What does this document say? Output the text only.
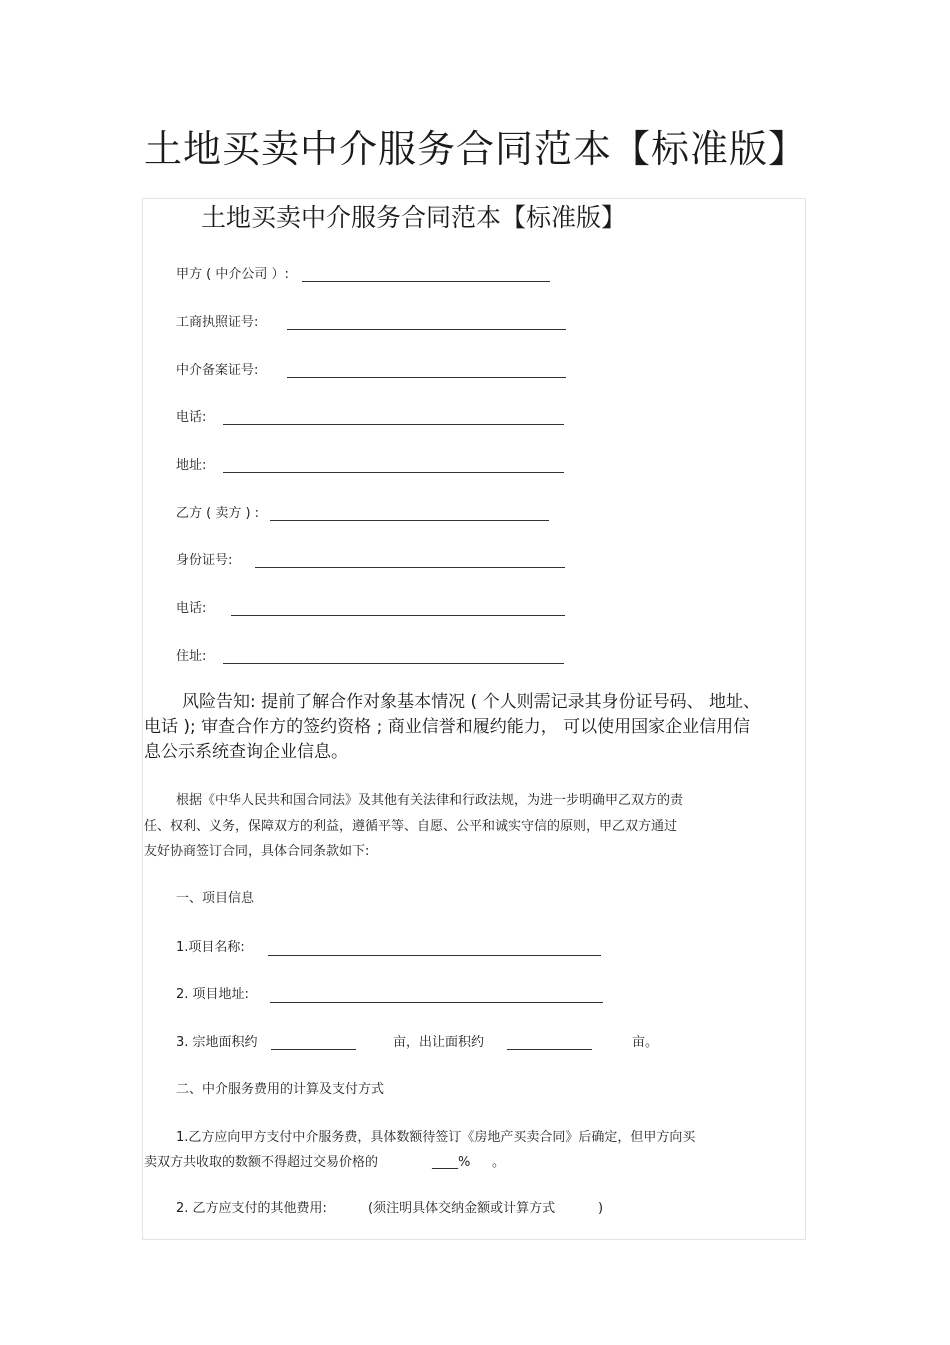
土地买卖中介服务合同范本【标准版】
土地买卖中介服务合同范本【标准版】
甲方 ( 中介公司 ）:
工商执照证号:
中介备案证号:
电话:
地址:
乙方 ( 卖方 ) :
身份证号:
电话:
住址:
风险告知: 提前了解合作对象基本情况 ( 个人则需记录其身份证号码、 地址、
电话 ); 审查合作方的签约资格 ; 商业信誉和履约能力， 可以使用国家企业信用信
息公示系统查询企业信息。
根据《中华人民共和国合同法》及其他有关法律和行政法规，为进一步明确甲乙双方的责
任、权利、义务，保障双方的利益，遵循平等、自愿、公平和诚实守信的原则，甲乙双方通过
友好协商签订合同，具体合同条款如下:
一、项目信息
1.项目名称:
2. 项目地址:
3. 宗地面积约	亩，出让面积约	亩。
二、中介服务费用的计算及支付方式
1.乙方应向甲方支付中介服务费，具体数额待签订《房地产买卖合同》后确定，但甲方向买
卖双方共收取的数额不得超过交易价格的	____% 。
2. 乙方应支付的其他费用:	(须注明具体交纳金额或计算方式	)
